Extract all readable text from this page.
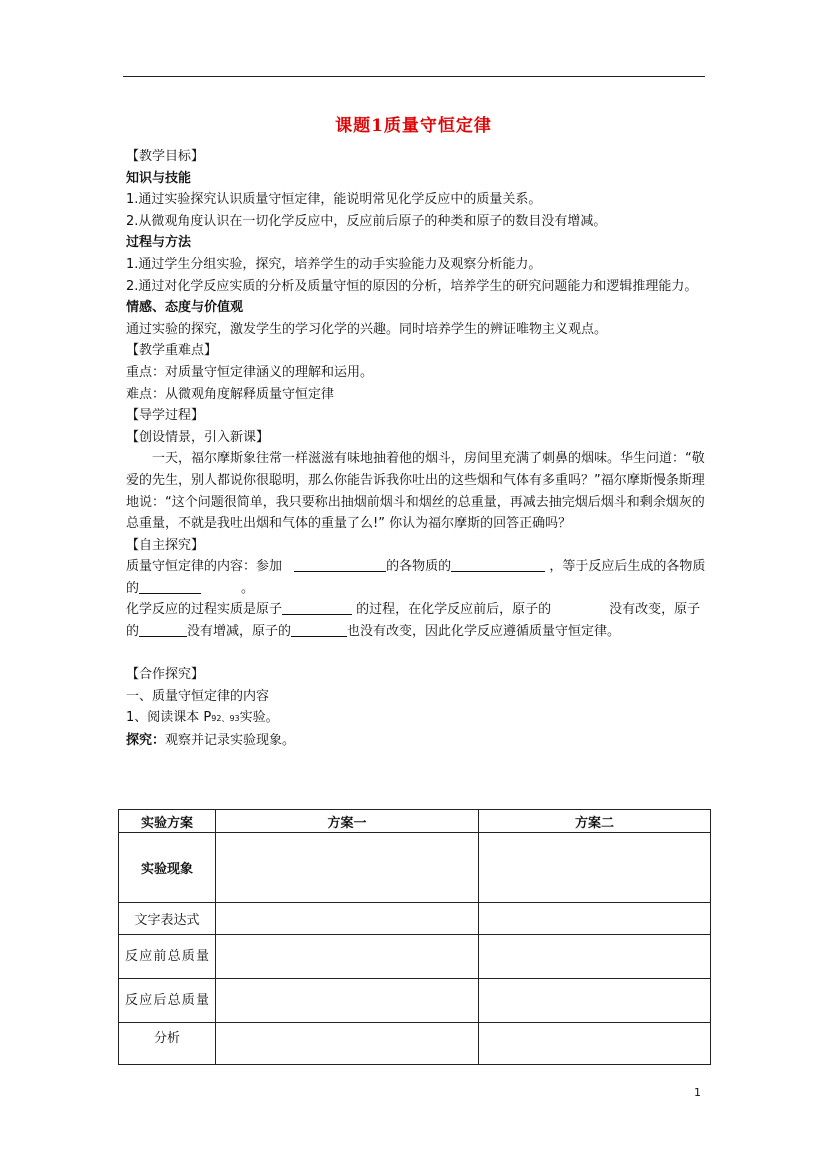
课题1质量守恒定律

【教学目标】

知识与技能

1.通过实验探究认识质量守恒定律，能说明常见化学反应中的质量关系。

2.从微观角度认识在一切化学反应中，反应前后原子的种类和原子的数目没有增减。

过程与方法

1.通过学生分组实验，探究，培养学生的动手实验能力及观察分析能力。

2.通过对化学反应实质的分析及质量守恒的原因的分析，培养学生的研究问题能力和逻辑推理能力。

情感、态度与价值观

通过实验的探究，激发学生的学习化学的兴趣。同时培养学生的辨证唯物主义观点。

【教学重难点】

重点：对质量守恒定律涵义的理解和运用。

难点：从微观角度解释质量守恒定律

【导学过程】

【创设情景，引入新课】

一天，福尔摩斯象往常一样滋滋有味地抽着他的烟斗，房间里充满了刺鼻的烟味。华生问道：“敬爱的先生，别人都说你很聪明，那么你能告诉我你吐出的这些烟和气体有多重吗？”福尔摩斯慢条斯理地说：“这个问题很简单，我只要称出抽烟前烟斗和烟丝的总重量，再减去抽完烟后烟斗和剩余烟灰的总重量，不就是我吐出烟和气体的重量了么!” 你认为福尔摩斯的回答正确吗？

【自主探究】

质量守恒定律的内容：参加	的各物质的	，等于反应后生成的各物质的	。

化学反应的过程实质是原子	的过程，在化学反应前后，原子的	没有改变，原子的	没有增减，原子的	也没有改变，因此化学反应遵循质量守恒定律。

【合作探究】

一、质量守恒定律的内容

1、阅读课本 P92、93实验。

探究：观察并记录实验现象。

实验方案	方案一	方案二
实验现象		
文字表达式		
反应前总质量		
反应后总质量		
分析		
1
